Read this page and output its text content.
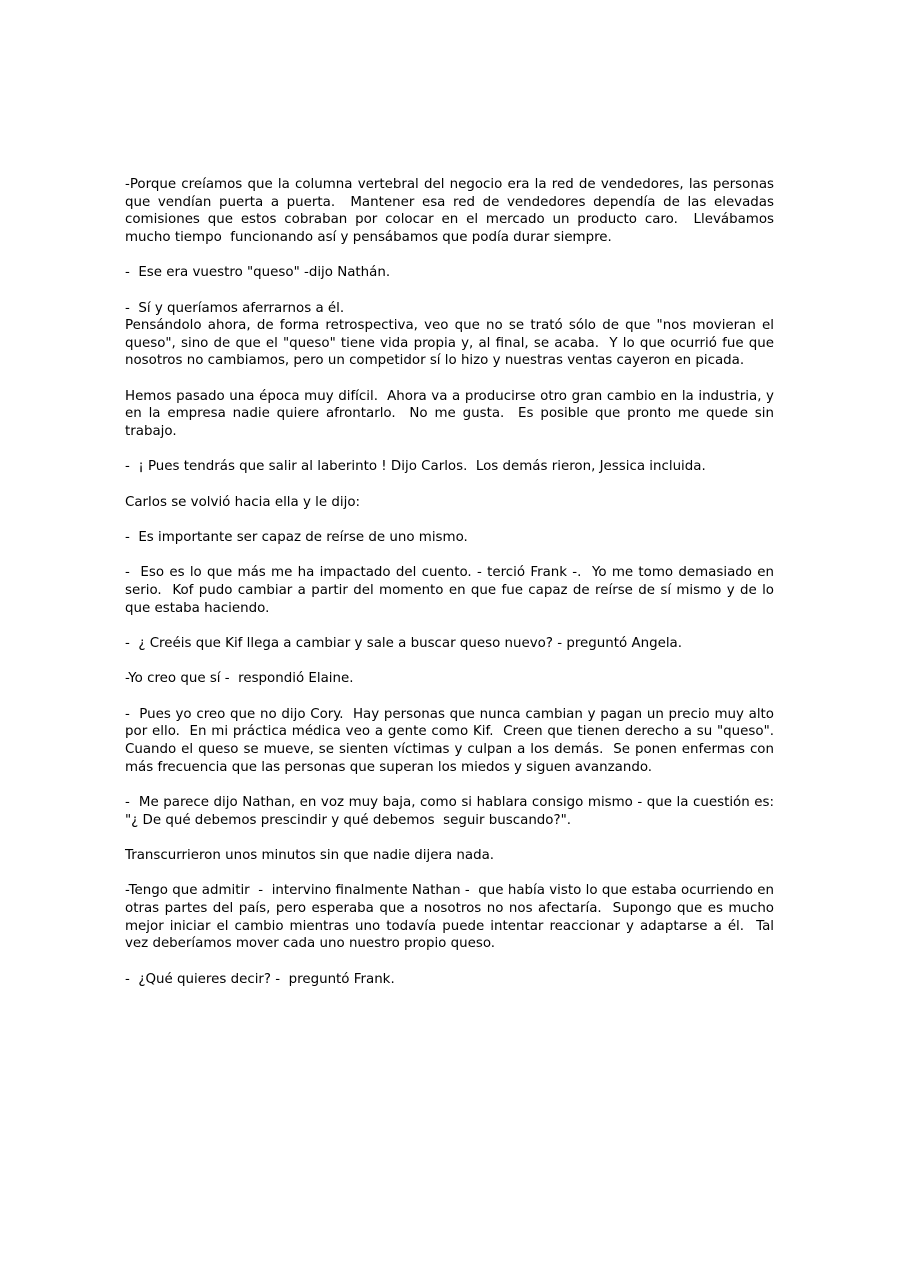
-Porque creíamos que la columna vertebral del negocio era la red de vendedores, las personas que vendían puerta a puerta.  Mantener esa red de vendedores dependía de las elevadas comisiones que estos cobraban por colocar en el mercado un producto caro.  Llevábamos mucho tiempo  funcionando así y pensábamos que podía durar siempre.

-  Ese era vuestro "queso" -dijo Nathán.

-  Sí y queríamos aferrarnos a él.

Pensándolo ahora, de forma retrospectiva, veo que no se trató sólo de que "nos movieran el queso", sino de que el "queso" tiene vida propia y, al final, se acaba.  Y lo que ocurrió fue que nosotros no cambiamos, pero un competidor sí lo hizo y nuestras ventas cayeron en picada.

Hemos pasado una época muy difícil.  Ahora va a producirse otro gran cambio en la industria, y en la empresa nadie quiere afrontarlo.  No me gusta.  Es posible que pronto me quede sin trabajo.

-  ¡ Pues tendrás que salir al laberinto ! Dijo Carlos.  Los demás rieron, Jessica incluida.

Carlos se volvió hacia ella y le dijo:

-  Es importante ser capaz de reírse de uno mismo.

-  Eso es lo que más me ha impactado del cuento. - terció Frank -.  Yo me tomo demasiado en serio.  Kof pudo cambiar a partir del momento en que fue capaz de reírse de sí mismo y de lo que estaba haciendo.

-  ¿ Creéis que Kif llega a cambiar y sale a buscar queso nuevo? - preguntó Angela.

-Yo creo que sí -  respondió Elaine.

-  Pues yo creo que no dijo Cory.  Hay personas que nunca cambian y pagan un precio muy alto por ello.  En mi práctica médica veo a gente como Kif.  Creen que tienen derecho a su "queso".  Cuando el queso se mueve, se sienten víctimas y culpan a los demás.  Se ponen enfermas con más frecuencia que las personas que superan los miedos y siguen avanzando.

-  Me parece dijo Nathan, en voz muy baja, como si hablara consigo mismo - que la cuestión es: "¿ De qué debemos prescindir y qué debemos  seguir buscando?".

Transcurrieron unos minutos sin que nadie dijera nada.

-Tengo que admitir  -  intervino finalmente Nathan -  que había visto lo que estaba ocurriendo en otras partes del país, pero esperaba que a nosotros no nos afectaría.  Supongo que es mucho mejor iniciar el cambio mientras uno todavía puede intentar reaccionar y adaptarse a él.  Tal vez deberíamos mover cada uno nuestro propio queso.

-  ¿Qué quieres decir? -  preguntó Frank.
